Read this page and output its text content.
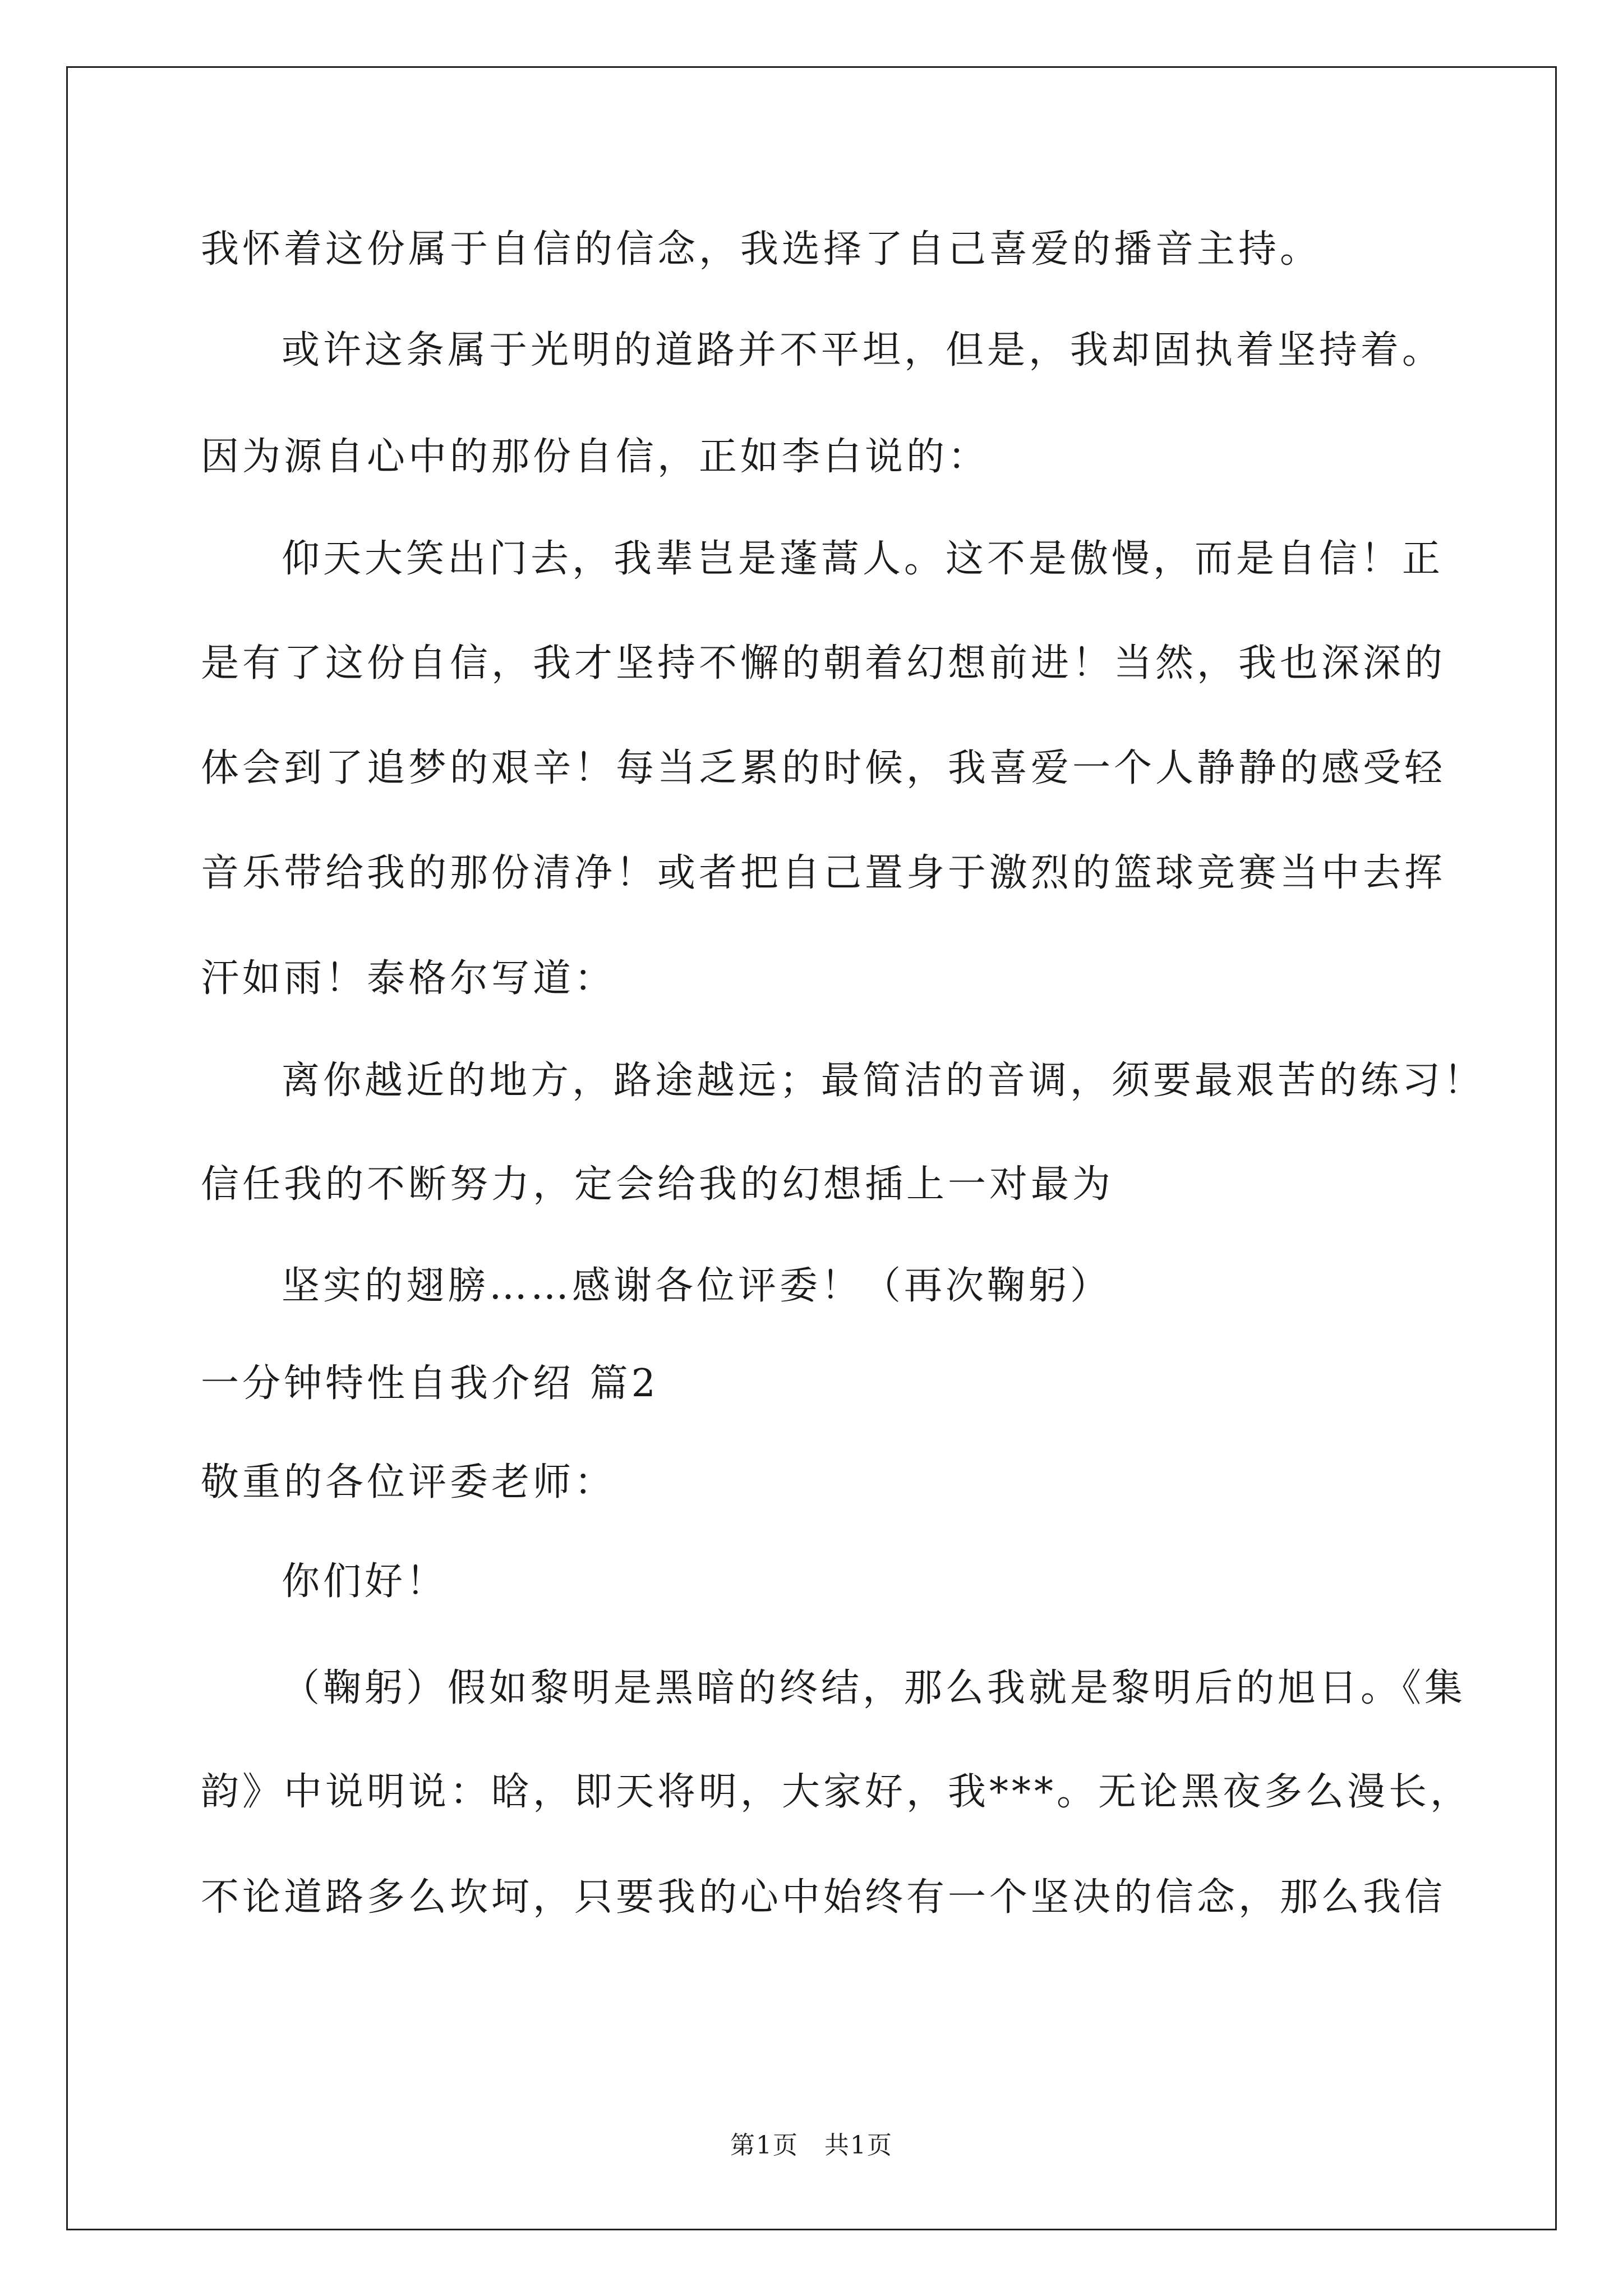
我怀着这份属于自信的信念，我选择了自己喜爱的播音主持。
或许这条属于光明的道路并不平坦，但是，我却固执着坚持着。
因为源自心中的那份自信，正如李白说的：
仰天大笑出门去，我辈岂是蓬蒿人。这不是傲慢，而是自信！正
是有了这份自信，我才坚持不懈的朝着幻想前进！当然，我也深深的
体会到了追梦的艰辛！每当乏累的时候，我喜爱一个人静静的感受轻
音乐带给我的那份清净！或者把自己置身于激烈的篮球竞赛当中去挥
汗如雨！泰格尔写道：
离你越近的地方，路途越远；最简洁的音调，须要最艰苦的练习！
信任我的不断努力，定会给我的幻想插上一对最为
坚实的翅膀……感谢各位评委！（再次鞠躬）
一分钟特性自我介绍 篇2
敬重的各位评委老师：
你们好！
（鞠躬）假如黎明是黑暗的终结，那么我就是黎明后的旭日。《集
韵》中说明说：晗，即天将明，大家好，我***。无论黑夜多么漫长，
不论道路多么坎坷，只要我的心中始终有一个坚决的信念，那么我信
第1页　共1页
